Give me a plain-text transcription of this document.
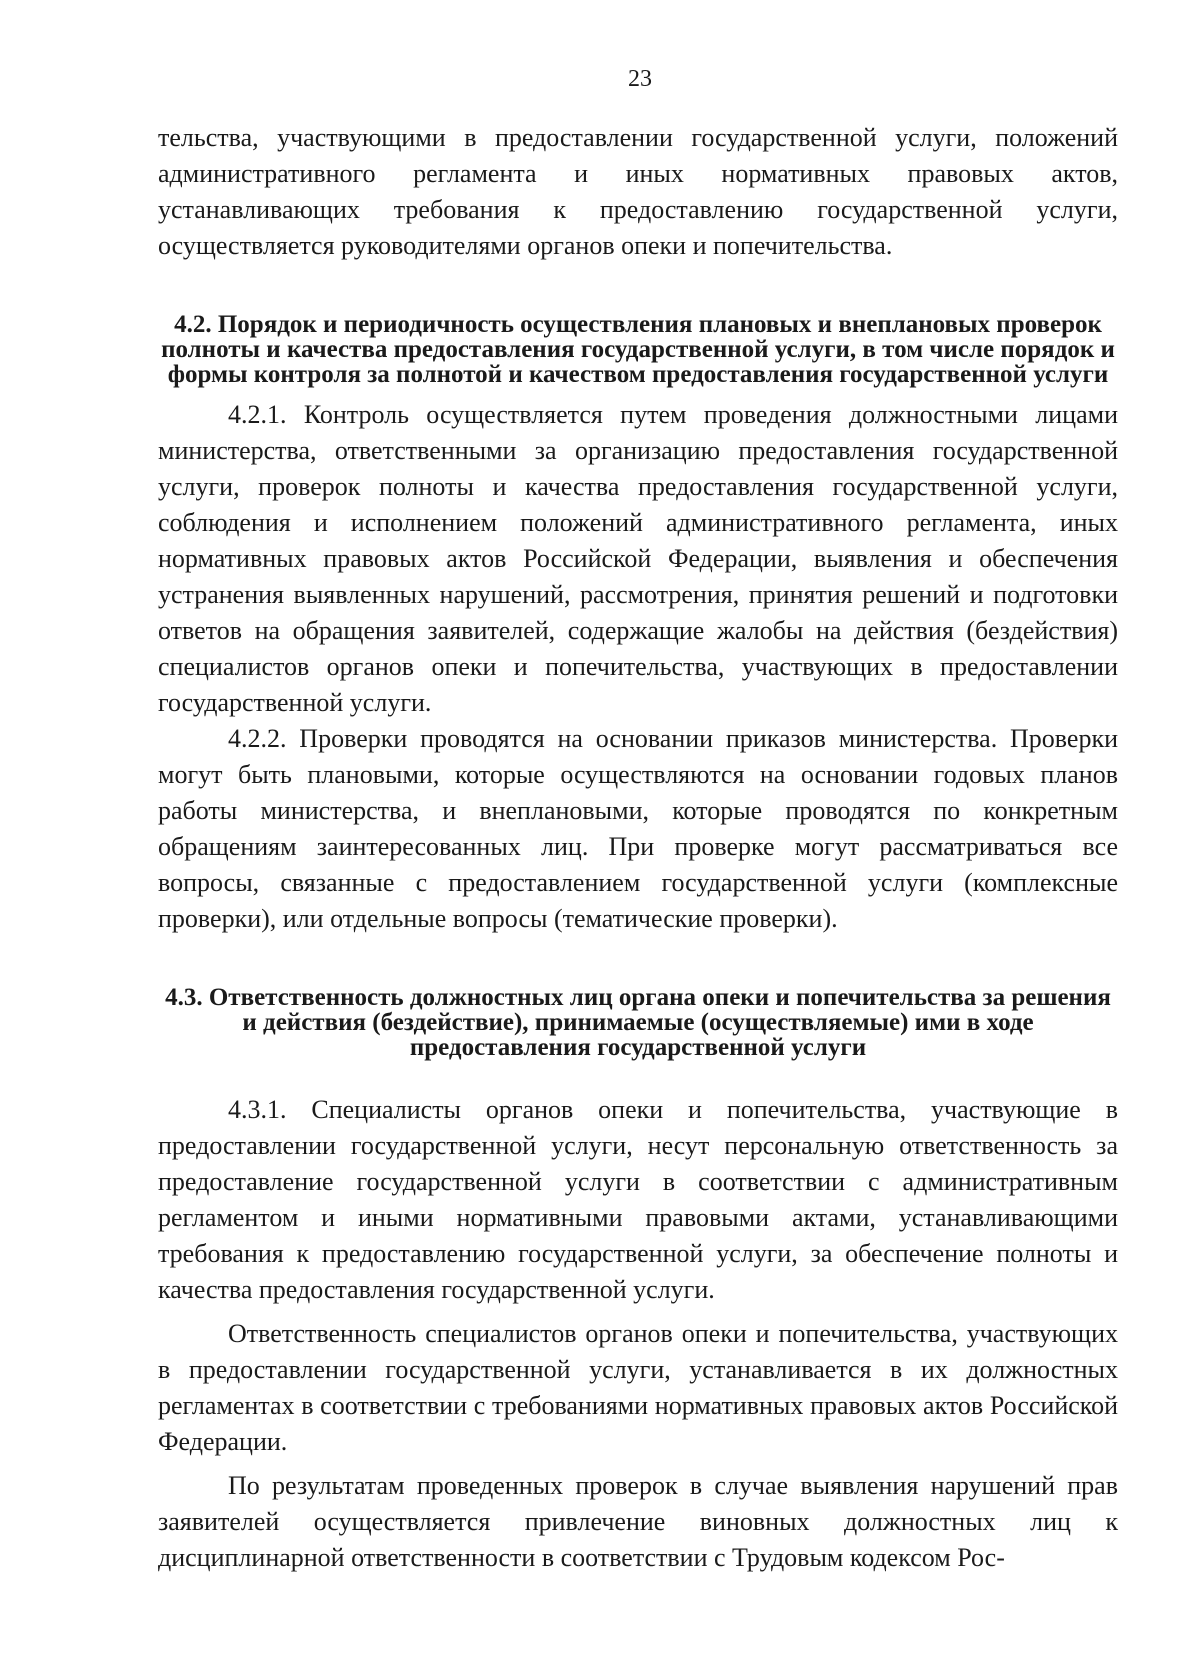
23

тельства, участвующими в предоставлении государственной услуги, положений административного регламента и иных нормативных правовых актов, устанавливающих требования к предоставлению государственной услуги, осуществляется руководителями органов опеки и попечительства.

4.2. Порядок и периодичность осуществления плановых и внеплановых проверок полноты и качества предоставления государственной услуги, в том числе порядок и формы контроля за полнотой и качеством предоставления государственной услуги

4.2.1. Контроль осуществляется путем проведения должностными лицами министерства, ответственными за организацию предоставления государственной услуги, проверок полноты и качества предоставления государственной услуги, соблюдения и исполнением положений административного регламента, иных нормативных правовых актов Российской Федерации, выявления и обеспечения устранения выявленных нарушений, рассмотрения, принятия решений и подготовки ответов на обращения заявителей, содержащие жалобы на действия (бездействия) специалистов органов опеки и попечительства, участвующих в предоставлении государственной услуги.

4.2.2. Проверки проводятся на основании приказов министерства. Проверки могут быть плановыми, которые осуществляются на основании годовых планов работы министерства, и внеплановыми, которые проводятся по конкретным обращениям заинтересованных лиц. При проверке могут рассматриваться все вопросы, связанные с предоставлением государственной услуги (комплексные проверки), или отдельные вопросы (тематические проверки).

4.3. Ответственность должностных лиц органа опеки и попечительства за решения и действия (бездействие), принимаемые (осуществляемые) ими в ходе предоставления государственной услуги

4.3.1. Специалисты органов опеки и попечительства, участвующие в предоставлении государственной услуги, несут персональную ответственность за предоставление государственной услуги в соответствии с административным регламентом и иными нормативными правовыми актами, устанавливающими требования к предоставлению государственной услуги, за обеспечение полноты и качества предоставления государственной услуги.

Ответственность специалистов органов опеки и попечительства, участвующих в предоставлении государственной услуги, устанавливается в их должностных регламентах в соответствии с требованиями нормативных правовых актов Российской Федерации.

По результатам проведенных проверок в случае выявления нарушений прав заявителей осуществляется привлечение виновных должностных лиц к дисциплинарной ответственности в соответствии с Трудовым кодексом Рос-
